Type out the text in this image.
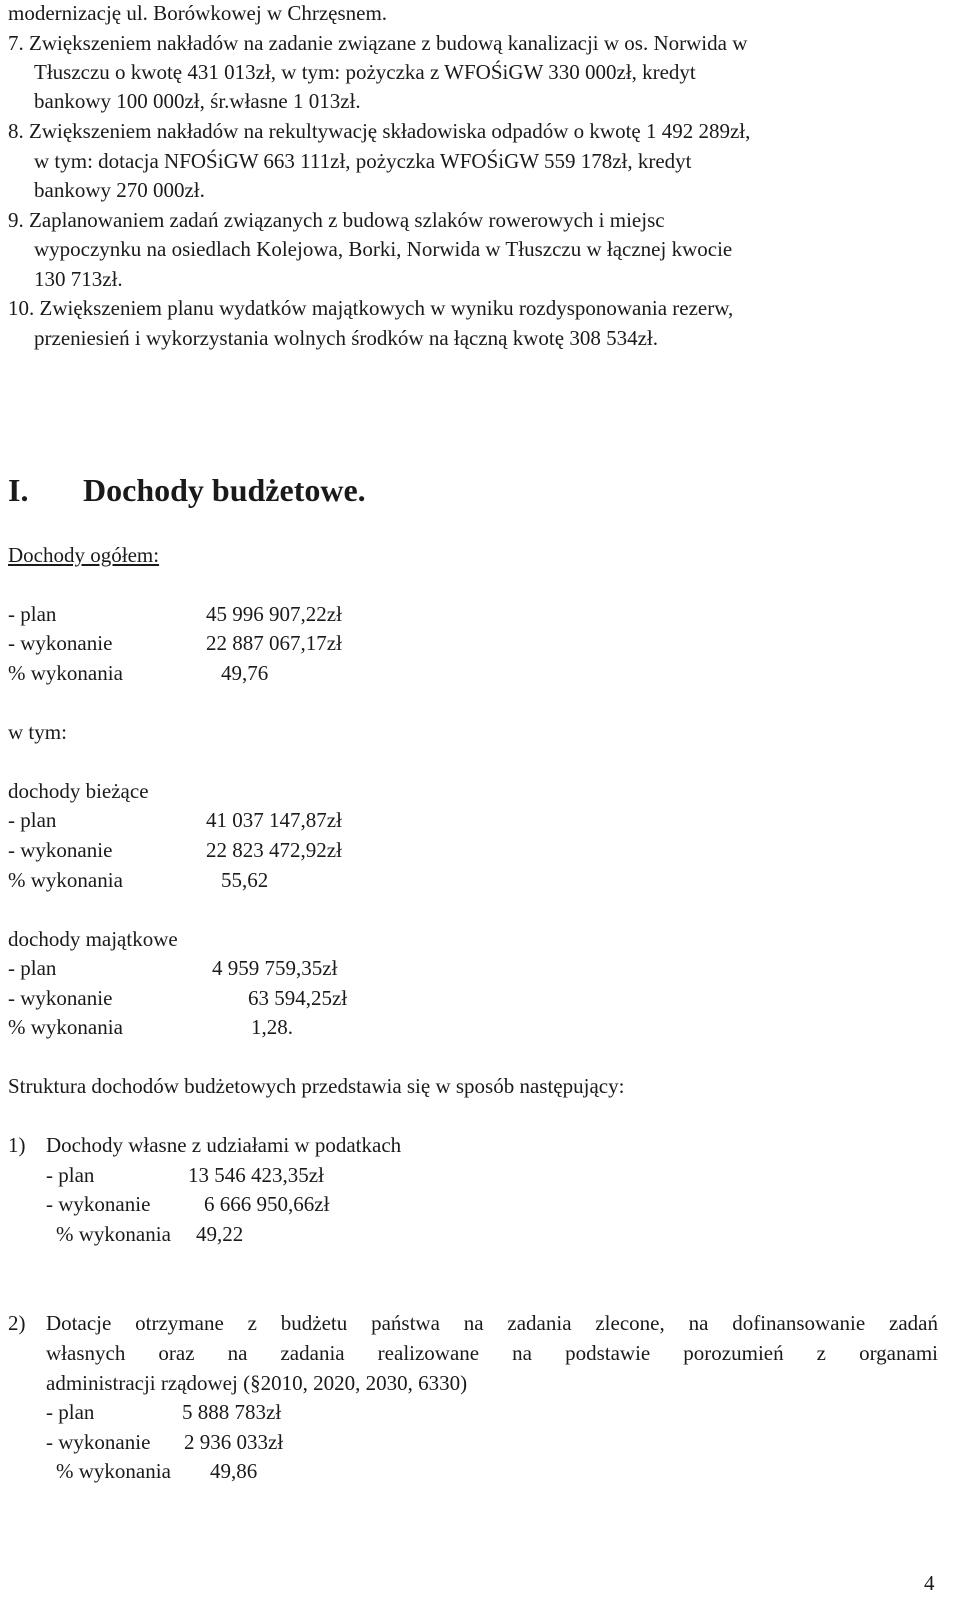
modernizację ul. Borówkowej w Chrzęsnem.
7. Zwiększeniem nakładów na zadanie związane z budową kanalizacji w os. Norwida w
Tłuszczu o kwotę 431 013zł, w tym: pożyczka z WFOŚiGW 330 000zł, kredyt
bankowy 100 000zł, śr.własne 1 013zł.
8. Zwiększeniem nakładów na rekultywację składowiska odpadów o kwotę 1 492 289zł,
w tym: dotacja NFOŚiGW 663 111zł, pożyczka WFOŚiGW 559 178zł, kredyt
bankowy 270 000zł.
9. Zaplanowaniem zadań związanych z budową szlaków rowerowych i miejsc
wypoczynku na osiedlach Kolejowa, Borki, Norwida w Tłuszczu w łącznej kwocie
130 713zł.
10. Zwiększeniem planu wydatków majątkowych w wyniku rozdysponowania rezerw,
przeniesień i wykorzystania wolnych środków na łączną kwotę 308 534zł.
I. Dochody budżetowe.
Dochody ogółem:
- plan	45 996 907,22zł
- wykonanie	22 887 067,17zł
% wykonania	49,76
w tym:
dochody bieżące
- plan	41 037 147,87zł
- wykonanie	22 823 472,92zł
% wykonania	55,62
dochody majątkowe
- plan	4 959 759,35zł
- wykonanie	63 594,25zł
% wykonania	1,28.
Struktura dochodów budżetowych przedstawia się w sposób następujący:
1) Dochody własne z udziałami w podatkach
- plan	13 546 423,35zł
- wykonanie	6 666 950,66zł
% wykonania 49,22
2) Dotacje otrzymane z budżetu państwa na zadania zlecone, na dofinansowanie zadań
własnych oraz na zadania realizowane na podstawie porozumień z organami
administracji rządowej (§2010, 2020, 2030, 6330)
- plan	5 888 783zł
- wykonanie 2 936 033zł
% wykonania 49,86
4
